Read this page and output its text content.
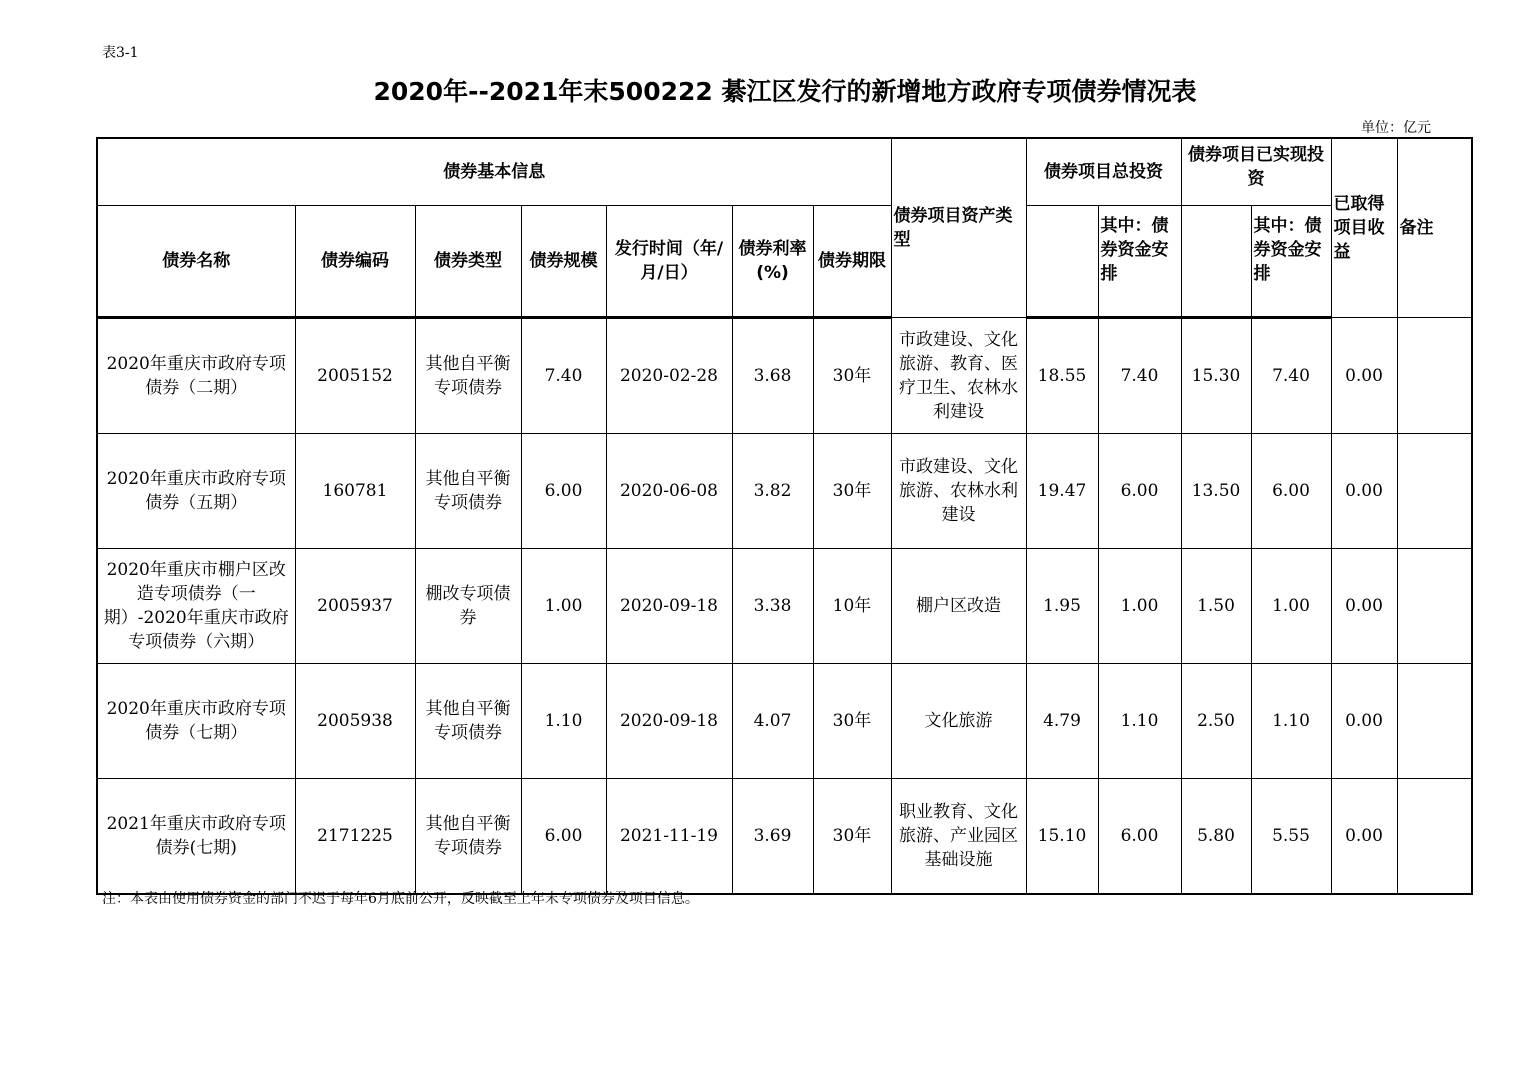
表3-1
2020年--2021年末500222 綦江区发行的新增地方政府专项债券情况表
单位：亿元
债券基本信息							债券项目资产类型	债券项目总投资		债券项目已实现投资		已取得项目收益	备注
债券名称	债券编码	债券类型	债券规模	发行时间（年/月/日）	债券利率(%)	债券期限			其中：债券资金安排		其中：债券资金安排		
2020年重庆市政府专项债券（二期）	2005152	其他自平衡专项债券	7.40	2020-02-28	3.68	30年	市政建设、文化旅游、教育、医疗卫生、农林水利建设	18.55	7.40	15.30	7.40	0.00	
2020年重庆市政府专项债券（五期）	160781	其他自平衡专项债券	6.00	2020-06-08	3.82	30年	市政建设、文化旅游、农林水利建设	19.47	6.00	13.50	6.00	0.00	
2020年重庆市棚户区改造专项债券（一期）-2020年重庆市政府专项债券（六期）	2005937	棚改专项债券	1.00	2020-09-18	3.38	10年	棚户区改造	1.95	1.00	1.50	1.00	0.00	
2020年重庆市政府专项债券（七期）	2005938	其他自平衡专项债券	1.10	2020-09-18	4.07	30年	文化旅游	4.79	1.10	2.50	1.10	0.00	
2021年重庆市政府专项债券(七期)	2171225	其他自平衡专项债券	6.00	2021-11-19	3.69	30年	职业教育、文化旅游、产业园区基础设施	15.10	6.00	5.80	5.55	0.00	
注：本表由使用债券资金的部门不迟于每年6月底前公开，反映截至上年末专项债券及项目信息。
